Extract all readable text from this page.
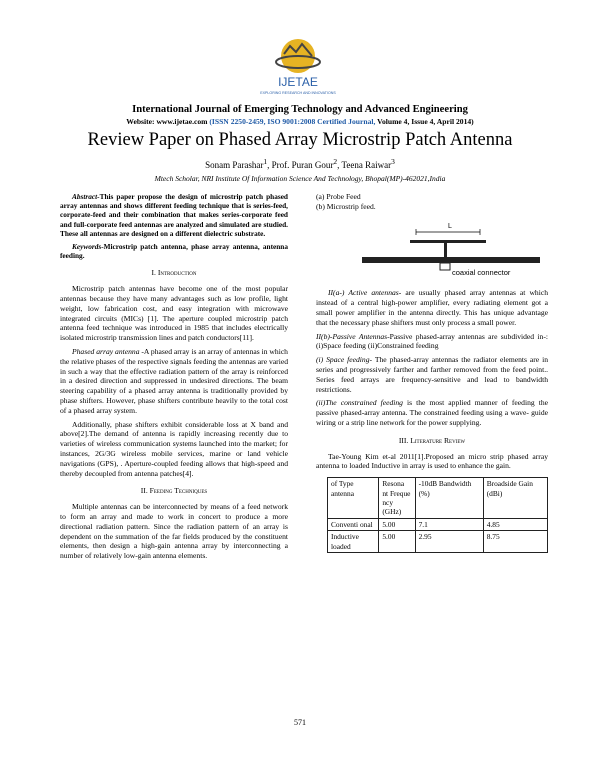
IJETAE
EXPLORING RESEARCH AND INNOVATIONS
International Journal of Emerging Technology and Advanced Engineering
Website: www.ijetae.com (ISSN 2250-2459, ISO 9001:2008 Certified Journal, Volume 4, Issue 4, April 2014)
Review Paper on Phased Array Microstrip Patch Antenna
Sonam Parashar$^1$, Prof. Puran Gour$^2$, Teena Raiwar$^3$
Mtech Scholar, NRI Institute Of Information Science And Technology, Bhopal(MP)-462021,India

Abstract-This paper propose the design of microstrip patch phased array antennas and shows different feeding technique that is series-feed, corporate-feed and their combination that makes series-corporate feed and full-corporate feed antennas are analyzed and simulated are studied. These all antennas are designed on a different dielectric substrate.

Keywords-Microstrip patch antenna, phase array antenna, antenna feeding.

I. Introduction

Microstrip patch antennas have become one of the most popular antennas because they have many advantages such as low profile, light weight, low fabrication cost, and easy integration with microwave integrated circuits (MICs) [1]. The aperture coupled microstrip patch antenna feed technique was introduced in 1985 that includes electrically isolated microstrip transmission lines and patch conductors[11].

Phased array antenna -A phased array is an array of antennas in which the relative phases of the respective signals feeding the antennas are varied in such a way that the effective radiation pattern of the array is reinforced in a desired direction and suppressed in undesired directions. The beam steering capability of a phased array antenna is traditionally provided by phase shifters. However, phase shifters contribute heavily to the total cost of a phased array system.

Additionally, phase shifters exhibit considerable loss at X band and above[2].The demand of antenna is rapidly increasing recently due to varieties of wireless communication systems launched into the market; for instances, 2G/3G wireless mobile services, marine or land vehicle navigations (GPS), . Aperture-coupled feeding allows that high-speed and thereby decoupled from antenna patches[4].

II. Feeding Techniques

Multiple antennas can be interconnected by means of a feed network to form an array and made to work in concert to produce a more directional radiation pattern. Since the radiation pattern of an array is dependent on the summation of the far fields produced by the constituent elements, then design a high-gain antenna array by interconnecting a number of relatively low-gain antenna elements.

(a) Probe Feed
(b) Microstrip feed.
L
coaxial connector

II(a-) Active antennas- are usually phased array antennas at which instead of a central high-power amplifier, every radiating element got a small power amplifier in the antenna directly. This has unique advantage that the necessary phase shifters must only process a small power.

II(b)-Passive Antennas-Passive phased-array antennas are subdivided in-: (i)Space feeding (ii)Constrained feeding

(i) Space feeding- The phased-array antennas the radiator elements are in series and progressively farther and farther removed from the feed point.. Series feed arrays are frequency-sensitive and lead to bandwidth restrictions.

(ii)The constrained feeding is the most applied manner of feeding the passive phased-array antenna. The constrained feeding using a wave- guide wiring or a strip line network for the power supplying.

III. Literature Review

Tae-Young Kim et-al 2011[1].Proposed an micro strip phased array antenna to loaded Inductive in array is used to enhance the gain.

of Type antenna	Resona nt Freque ncy (GHz)	-10dB Bandwidth (%)	Broadside Gain (dBi)
Conventi onal	5.00	7.1	4.85
Inductive loaded	5.00	2.95	8.75
571
